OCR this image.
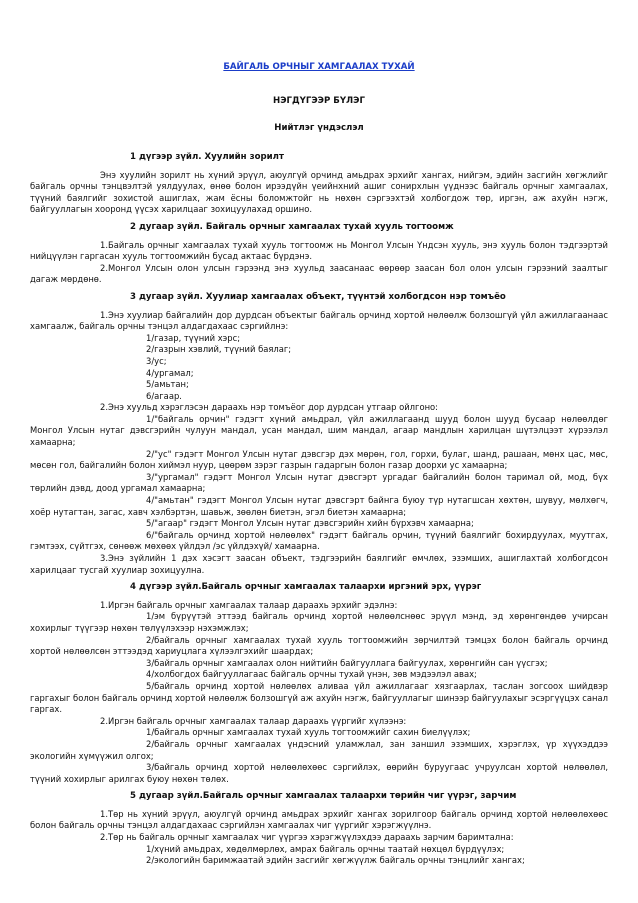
БАЙГАЛЬ ОРЧНЫГ ХАМГААЛАХ ТУХАЙ
НЭГДҮГЭЭР БҮЛЭГ
Нийтлэг үндэслэл
1 дүгээр зүйл. Хуулийн зорилт

Энэ хуулийн зорилт нь хүний эрүүл, аюулгүй орчинд амьдрах эрхийг хангах, нийгэм, эдийн засгийн хөгжлийг байгаль орчны тэнцвэлтэй уялдуулах, өнөө болон ирээдүйн үеийнхний ашиг сонирхлын үүднээс байгаль орчныг хамгаалах, түүний баялгийг зохистой ашиглах, жам ёсны боломжтойг нь нөхөн сэргээхтэй холбогдож төр, иргэн, аж ахуйн нэгж, байгууллагын хооронд үүсэх харилцааг зохицуулахад оршино.

2 дугаар зүйл. Байгаль орчныг хамгаалах тухай хууль тогтоомж

1.Байгаль орчныг хамгаалах тухай хууль тогтоомж нь Монгол Улсын Үндсэн хууль, энэ хууль болон тэдгээртэй нийцүүлэн гаргасан хууль тогтоомжийн бусад актаас бүрдэнэ.

2.Монгол Улсын олон улсын гэрээнд энэ хуульд заасанаас өөрөөр заасан бол олон улсын гэрээний заалтыг дагаж мөрдөнө.

3 дугаар зүйл. Хуулиар хамгаалах объект, түүнтэй холбогдсон нэр томъёо

1.Энэ хуулиар байгалийн дор дурдсан объектыг байгаль орчинд хортой нөлөөлж болзошгүй үйл ажиллагаанаас хамгаалж, байгаль орчны тэнцэл алдагдахаас сэргийлнэ:

1/газар, түүний хэрс;
2/газрын хэвлий, түүний баялаг;
3/ус;
4/ургамал;
5/амьтан;
6/агаар.

2.Энэ хуульд хэрэглэсэн дараахь нэр томъёог дор дурдсан утгаар ойлгоно:

1/"байгаль орчин" гэдэгт хүний амьдрал, үйл ажиллагаанд шууд болон шууд бусаар нөлөөлдөг Монгол Улсын нутаг дэвсгэрийн чулуун мандал, усан мандал, шим мандал, агаар мандлын харилцан шүтэлцээт хүрээлэл хамаарна;

2/"ус" гэдэгт Монгол Улсын нутаг дэвсгэр дэх мөрөн, гол, горхи, булаг, шанд, рашаан, мөнх цас, мөс, мөсөн гол, байгалийн болон хиймэл нуур, цөөрөм зэрэг газрын гадаргын болон газар доорхи ус хамаарна;

3/"ургамал" гэдэгт Монгол Улсын нутаг дэвсгэрт ургадаг байгалийн болон таримал ой, мод, бүх төрлийн дэвд, доод ургамал хамаарна;

4/"амьтан" гэдэгт Монгол Улсын нутаг дэвсгэрт байнга буюу түр нутагшсан хөхтөн, шувуу, мөлхөгч, хоёр нутагтан, загас, хавч хэлбэртэн, шавьж, зөөлөн биетэн, эгэл биетэн хамаарна;

5/"агаар" гэдэгт Монгол Улсын нутаг дэвсгэрийн хийн бүрхэвч хамаарна;

6/"байгаль орчинд хортой нөлөөлөх" гэдэгт байгаль орчин, түүний баялгийг бохирдуулах, муутгах, гэмтээх, сүйтгэх, сөнөөж мөхөөх үйлдэл /эс үйлдэхүй/ хамаарна.

3.Энэ зүйлийн 1 дэх хэсэгт заасан объект, тэдгээрийн баялгийг өмчлөх, эзэмших, ашиглахтай холбогдсон харилцааг тусгай хуулиар зохицуулна.

4 дүгээр зүйл.Байгаль орчныг хамгаалах талаархи иргэний эрх, үүрэг

1.Иргэн байгаль орчныг хамгаалах талаар дараахь эрхийг эдэлнэ:

1/эм бүрүүтэй эттээд байгаль орчинд хортой нөлөөлснөөс эрүүл мэнд, эд хөрөнгөндөө учирсан хохирлыг түүгээр нөхөн төлүүлэхээр нэхэмжлэх;

2/байгаль орчныг хамгаалах тухай хууль тогтоомжийн зөрчилтэй тэмцэх болон байгаль орчинд хортой нөлөөлсөн эттээдэд хариуцлага хүлээлгэхийг шаардах;

3/байгаль орчныг хамгаалах олон нийтийн байгууллага байгуулах, хөрөнгийн сан үүсгэх;

4/холбогдох байгууллагаас байгаль орчны тухай үнэн, зөв мэдээлэл авах;

5/байгаль орчинд хортой нөлөөлөх аливаа үйл ажиллагааг хязгаарлах, таслан зогсоох шийдвэр гаргахыг болон байгаль орчинд хортой нөлөөлж болзошгүй аж ахуйн нэгж, байгууллагыг шинээр байгуулахыг эсэргүүцэх санал гаргах.

2.Иргэн байгаль орчныг хамгаалах талаар дараахь үүргийг хүлээнэ:

1/байгаль орчныг хамгаалах тухай хууль тогтоомжийг сахин биелүүлэх;

2/байгаль орчныг хамгаалах үндэсний уламжлал, зан заншил эзэмших, хэрэглэх, үр хүүхэддээ экологийн хүмүүжил олгох;

3/байгаль орчинд хортой нөлөөлөхөөс сэргийлэх, өөрийн буруугаас учруулсан хортой нөлөөлөл, түүний хохирлыг арилгах буюу нөхөн төлөх.

5 дугаар зүйл.Байгаль орчныг хамгаалах талаархи төрийн чиг үүрэг, зарчим

1.Төр нь хүний эрүүл, аюулгүй орчинд амьдрах эрхийг хангах зорилгоор байгаль орчинд хортой нөлөөлөхөөс болон байгаль орчны тэнцэл алдагдахаас сэргийлэн хамгаалах чиг үүргийг хэрэгжүүлнэ.

2.Төр нь байгаль орчныг хамгаалах чиг үүргээ хэрэгжүүлэхдээ дараахь зарчим баримтална:

1/хүний амьдрах, хөдөлмөрлөх, амрах байгаль орчны таатай нөхцөл бүрдүүлэх;

2/экологийн баримжаатай эдийн засгийг хөгжүүлж байгаль орчны тэнцлийг хангах;
